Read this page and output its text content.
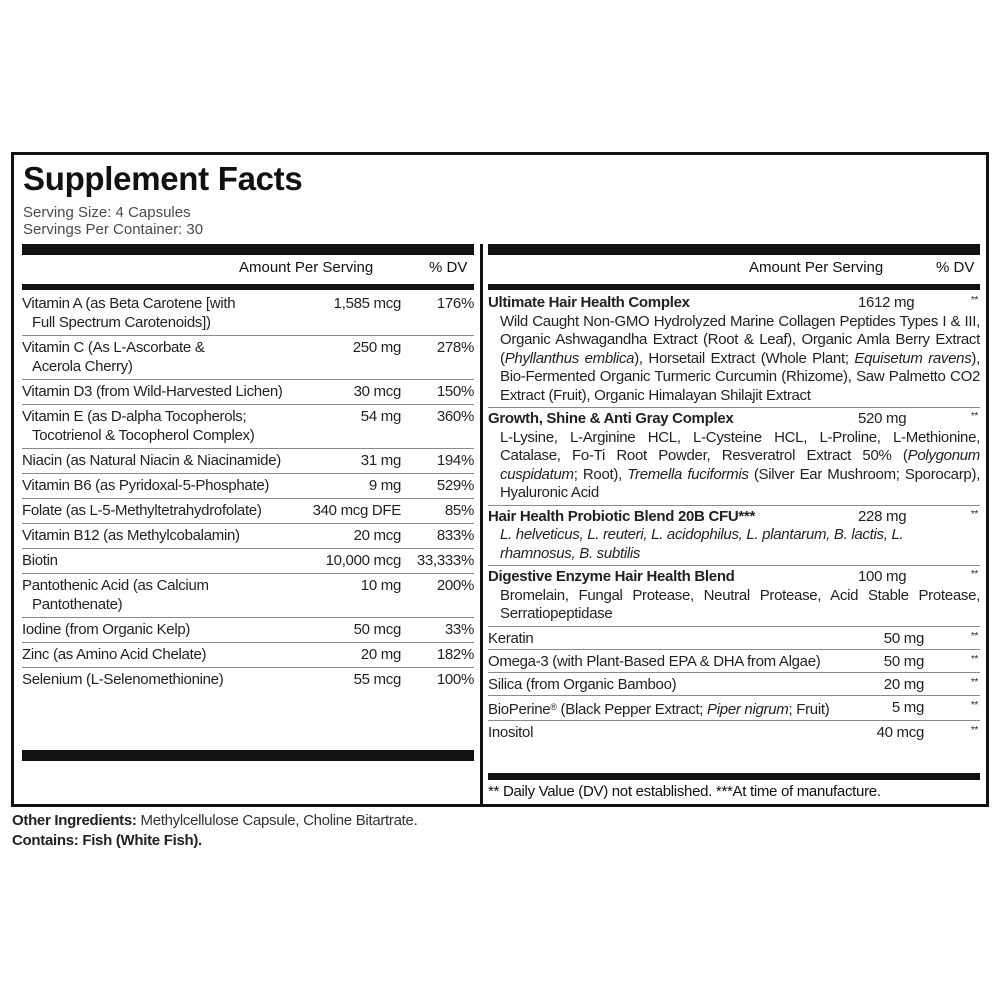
Supplement Facts
Serving Size: 4 Capsules
Servings Per Container: 30
Amount Per Serving	% DV	Amount Per Serving	% DV
Vitamin A (as Beta Carotene [with
Full Spectrum Carotenoids])
1,585 mcg 176%
Vitamin C (As L-Ascorbate &
Acerola Cherry)
250 mg 278%
Vitamin D3 (from Wild-Harvested Lichen)	30 mcg 150%
Vitamin E (as D-alpha Tocopherols;
Tocotrienol & Tocopherol Complex)
54 mg 360%
Niacin (as Natural Niacin & Niacinamide)	31 mg 194%
Vitamin B6 (as Pyridoxal-5-Phosphate)	9 mg 529%
Folate (as L-5-Methyltetrahydrofolate)	340 mcg DFE	85%
Vitamin B12 (as Methylcobalamin)	20 mcg 833%
Biotin	10,000 mcg 33,333%
Pantothenic Acid (as Calcium
Pantothenate)
10 mg 200%
Iodine (from Organic Kelp)	50 mcg	33%
Zinc (as Amino Acid Chelate)	20 mg 182%
Selenium (L-Selenomethionine)	55 mcg 100%
Ultimate Hair Health Complex	1612 mg	**
Wild Caught Non-GMO Hydrolyzed Marine Collagen Peptides Types I & III, Organic Ashwagandha Extract (Root & Leaf), Organic Amla Berry Extract (Phyllanthus emblica), Horsetail Extract (Whole Plant; Equisetum ravens), Bio-Fermented Organic Turmeric Curcumin (Rhizome), Saw Palmetto CO2 Extract (Fruit), Organic Himalayan Shilajit Extract
Growth, Shine & Anti Gray Complex	520 mg	**
L-Lysine, L-Arginine HCL, L-Cysteine HCL, L-Proline, L-Methionine, Catalase, Fo-Ti Root Powder, Resveratrol Extract 50% (Polygonum cuspidatum; Root), Tremella fuciformis (Silver Ear Mushroom; Sporocarp), Hyaluronic Acid
Hair Health Probiotic Blend 20B CFU***	228 mg	**
L. helveticus, L. reuteri, L. acidophilus, L. plantarum, B. lactis, L. rhamnosus, B. subtilis
Digestive Enzyme Hair Health Blend	100 mg	**
Bromelain, Fungal Protease, Neutral Protease, Acid Stable Protease, Serratiopeptidase
Keratin	50 mg	**
Omega-3 (with Plant-Based EPA & DHA from Algae)	50 mg	**
Silica (from Organic Bamboo)	20 mg	**
BioPerine® (Black Pepper Extract; Piper nigrum; Fruit)	5 mg	**
Inositol	40 mcg	**
** Daily Value (DV) not established. ***At time of manufacture.
Other Ingredients: Methylcellulose Capsule, Choline Bitartrate.
Contains: Fish (White Fish).
